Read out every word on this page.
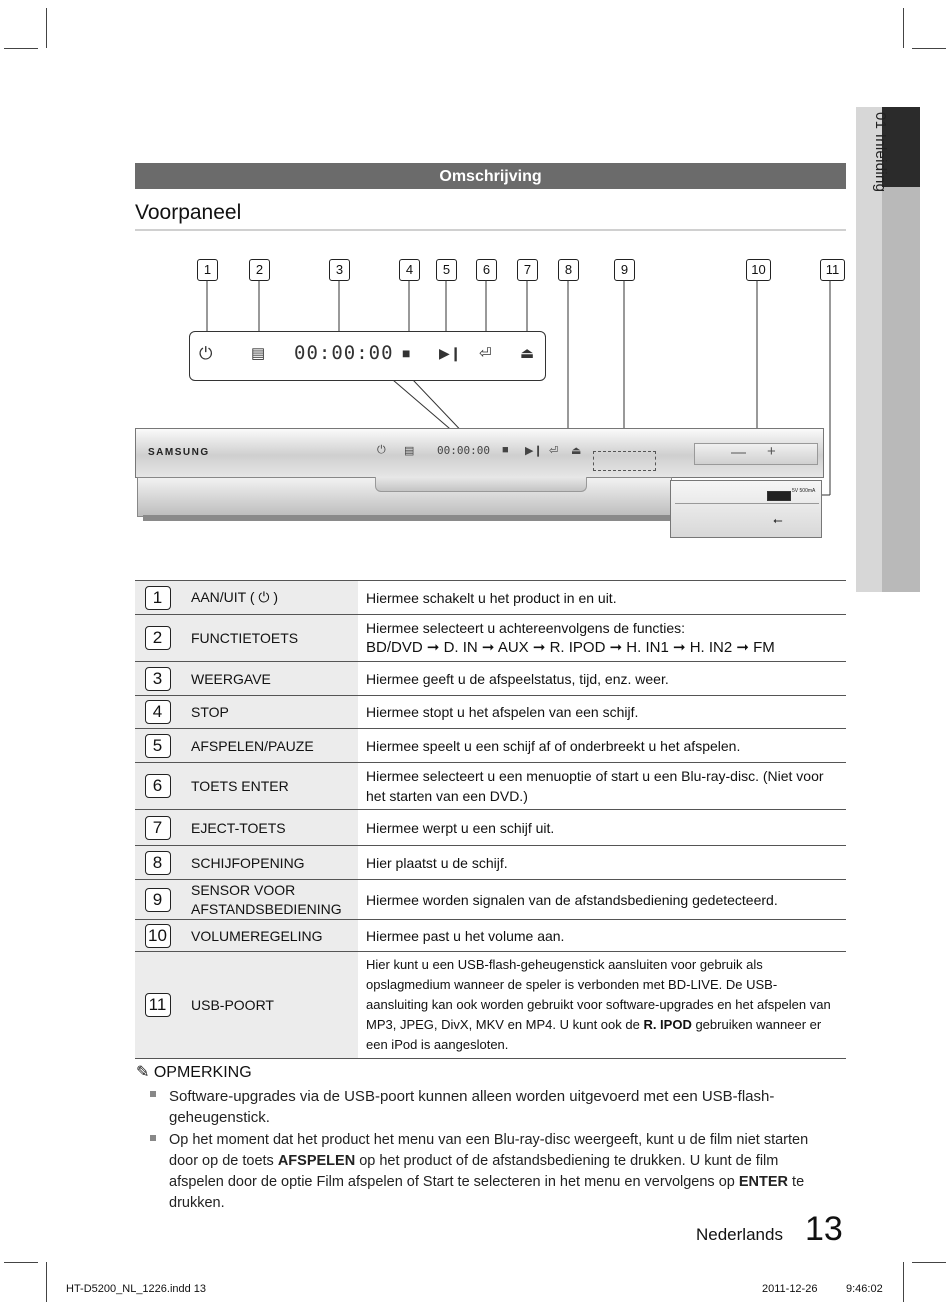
01 Inleiding
Omschrijving
Voorpaneel
1	2	3	4	5	6	7	8	9	10	11
⏻	▤ 00:00:00 ■ ▶❙ ⏎ ⏏
SAMSUNG	⏻ ▤ 00:00:00 ■ ▶❙ ⏎ ⏏	— +
5V 500mA
⭠
1	AAN/UIT ( ⏻ )	Hiermee schakelt u het product in en uit.
2	FUNCTIETOETS	Hiermee selecteert u achtereenvolgens de functies:
BD/DVD ➞ D. IN ➞ AUX ➞ R. IPOD ➞ H. IN1 ➞ H. IN2 ➞ FM

3	WEERGAVE	Hiermee geeft u de afspeelstatus, tijd, enz. weer.
4	STOP	Hiermee stopt u het afspelen van een schijf.
5	AFSPELEN/PAUZE	Hiermee speelt u een schijf af of onderbreekt u het afspelen.
6	TOETS ENTER	Hiermee selecteert u een menuoptie of start u een Blu-ray-disc. (Niet voor het starten van een DVD.)
7	EJECT-TOETS	Hiermee werpt u een schijf uit.
8	SCHIJFOPENING	Hier plaatst u de schijf.
9	SENSOR VOOR AFSTANDSBEDIENING	Hiermee worden signalen van de afstandsbediening gedetecteerd.
10	VOLUMEREGELING	Hiermee past u het volume aan.
11	USB-POORT	Hier kunt u een USB-flash-geheugenstick aansluiten voor gebruik als opslagmedium wanneer de speler is verbonden met BD-LIVE. De USB-aansluiting kan ook worden gebruikt voor software-upgrades en het afspelen van MP3, JPEG, DivX, MKV en MP4. U kunt ook de R. IPOD gebruiken wanneer er een iPod is aangesloten.
✎ OPMERKING
Software-upgrades via de USB-poort kunnen alleen worden uitgevoerd met een USB-flash-geheugenstick.
Op het moment dat het product het menu van een Blu-ray-disc weergeeft, kunt u de film niet starten door op de toets AFSPELEN op het product of de afstandsbediening te drukken. U kunt de film afspelen door de optie Film afspelen of Start te selecteren in het menu en vervolgens op ENTER te drukken.
Nederlands 13
HT-D5200_NL_1226.indd 13	2011-12-26	9:46:02
